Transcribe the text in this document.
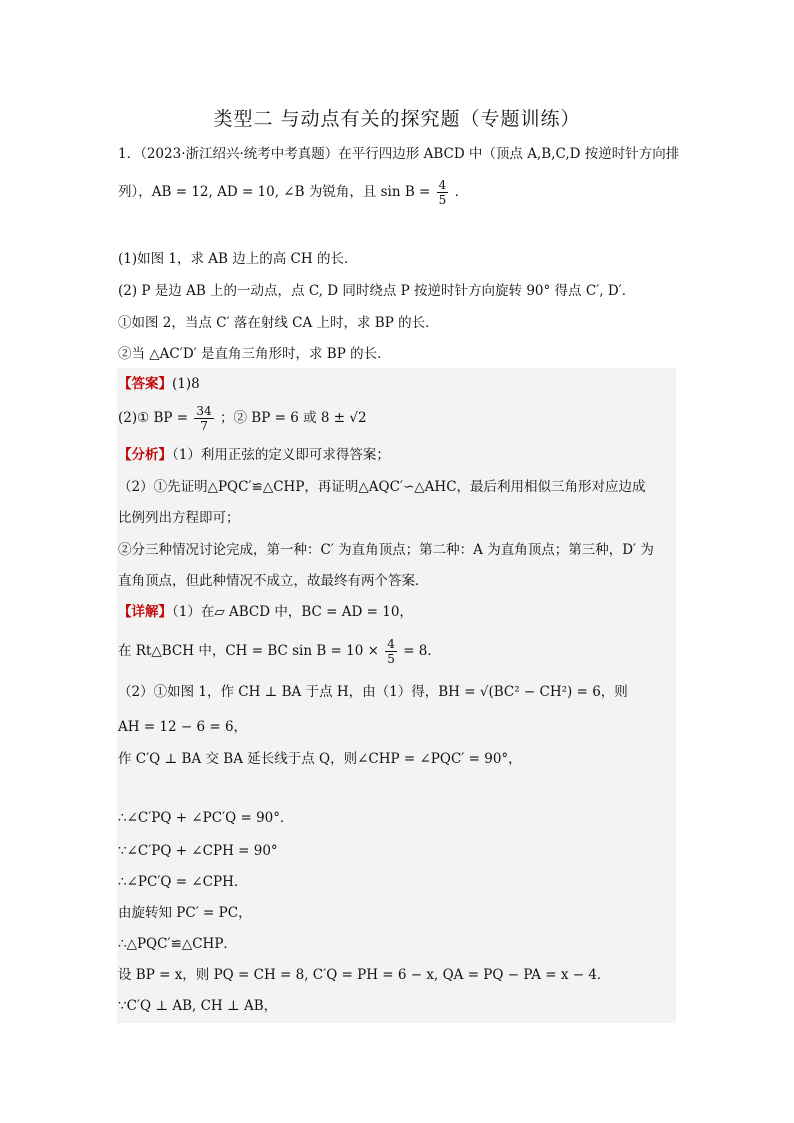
类型二 与动点有关的探究题（专题训练）
1．（2023·浙江绍兴·统考中考真题）在平行四边形 ABCD 中（顶点 A,B,C,D 按逆时针方向排
列），AB = 12, AD = 10, ∠B 为锐角，且 $\sin B = \frac{4}{5}$ ．
(1)如图 1，求 AB 边上的高 CH 的长．
(2) P 是边 AB 上的一动点，点 C, D 同时绕点 P 按逆时针方向旋转 90° 得点 C′, D′．
①如图 2，当点 C′ 落在射线 CA 上时，求 BP 的长．
②当 △AC′D′ 是直角三角形时，求 BP 的长．
【答案】(1)8
(2)① BP = $\frac{34}{7}$ ；② BP = 6 或 8 ± √2
【分析】（1）利用正弦的定义即可求得答案；
（2）①先证明△PQC′≌△CHP，再证明△AQC′∽△AHC，最后利用相似三角形对应边成
比例列出方程即可；
②分三种情况讨论完成，第一种：C′ 为直角顶点；第二种：A 为直角顶点；第三种，D′ 为
直角顶点，但此种情况不成立，故最终有两个答案．
【详解】（1）在▱ ABCD 中，BC = AD = 10，
在 Rt△BCH 中，CH = BC $\sin B = 10 \times \frac{4}{5} = 8$．
（2）①如图 1，作 CH ⊥ BA 于点 H，由（1）得，BH = √(BC² − CH²) = 6，则
AH = 12 − 6 = 6，
作 C′Q ⊥ BA 交 BA 延长线于点 Q，则∠CHP = ∠PQC′ = 90°，
∴∠C′PQ + ∠PC′Q = 90°．
∵∠C′PQ + ∠CPH = 90°
∴∠PC′Q = ∠CPH．
由旋转知 PC′ = PC，
∴△PQC′≌△CHP．
设 BP = x，则 PQ = CH = 8, C′Q = PH = 6 − x, QA = PQ − PA = x − 4．
∵C′Q ⊥ AB, CH ⊥ AB，
